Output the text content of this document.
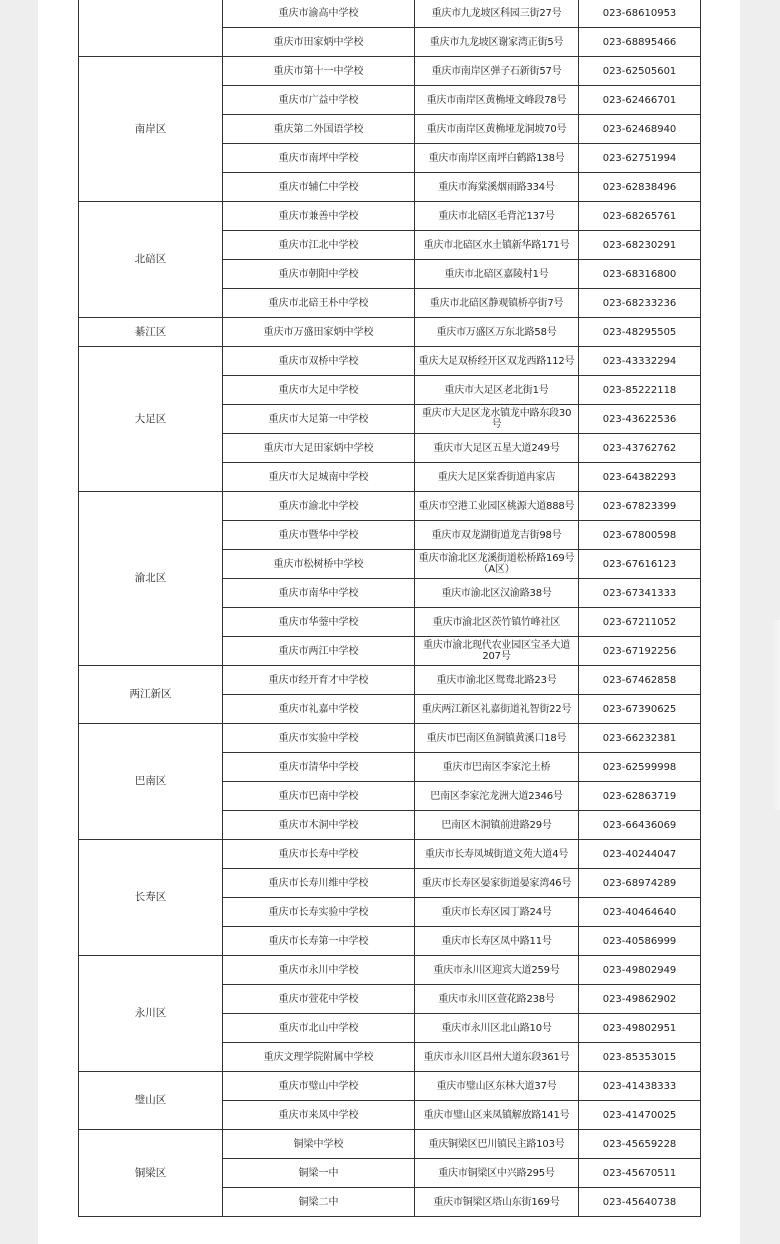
	重庆市渝高中学校	重庆市九龙坡区科园三街27号	023-68610953
	重庆市田家炳中学校	重庆市九龙坡区谢家湾正街5号	023-68895466
南岸区	重庆市第十一中学校	重庆市南岸区弹子石新街57号	023-62505601
	重庆市广益中学校	重庆市南岸区黄桷垭文峰段78号	023-62466701
	重庆第二外国语学校	重庆市南岸区黄桷垭龙洞坡70号	023-62468940
	重庆市南坪中学校	重庆市南岸区南坪白鹤路138号	023-62751994
	重庆市辅仁中学校	重庆市海棠溪烟雨路334号	023-62838496
北碚区	重庆市兼善中学校	重庆市北碚区毛背沱137号	023-68265761
	重庆市江北中学校	重庆市北碚区水土镇新华路171号	023-68230291
	重庆市朝阳中学校	重庆市北碚区嘉陵村1号	023-68316800
	重庆市北碚王朴中学校	重庆市北碚区静观镇桥亭街7号	023-68233236
綦江区	重庆市万盛田家炳中学校	重庆市万盛区万东北路58号	023-48295505
大足区	重庆市双桥中学校	重庆大足双桥经开区双龙西路112号	023-43332294
	重庆市大足中学校	重庆市大足区老北街1号	023-85222118
	重庆市大足第一中学校	重庆市大足区龙水镇龙中路东段30号	023-43622536
	重庆市大足田家炳中学校	重庆市大足区五星大道249号	023-43762762
	重庆市大足城南中学校	重庆大足区棠香街道冉家店	023-64382293
渝北区	重庆市渝北中学校	重庆市空港工业园区桃源大道888号	023-67823399
	重庆市暨华中学校	重庆市双龙湖街道龙吉街98号	023-67800598
	重庆市松树桥中学校	重庆市渝北区龙溪街道松桥路169号（A区）	023-67616123
	重庆市南华中学校	重庆市渝北区汉渝路38号	023-67341333
	重庆市华蓥中学校	重庆市渝北区茨竹镇竹峰社区	023-67211052
	重庆市两江中学校	重庆市渝北现代农业园区宝圣大道207号	023-67192256
两江新区	重庆市经开育才中学校	重庆市渝北区鸳鸯北路23号	023-67462858
	重庆市礼嘉中学校	重庆两江新区礼嘉街道礼智街22号	023-67390625
巴南区	重庆市实验中学校	重庆市巴南区鱼洞镇黄溪口18号	023-66232381
	重庆市清华中学校	重庆市巴南区李家沱土桥	023-62599998
	重庆市巴南中学校	巴南区李家沱龙洲大道2346号	023-62863719
	重庆市木洞中学校	巴南区木洞镇前进路29号	023-66436069
长寿区	重庆市长寿中学校	重庆市长寿凤城街道文苑大道4号	023-40244047
	重庆市长寿川维中学校	重庆市长寿区晏家街道晏家湾46号	023-68974289
	重庆市长寿实验中学校	重庆市长寿区园丁路24号	023-40464640
	重庆市长寿第一中学校	重庆市长寿区凤中路11号	023-40586999
永川区	重庆市永川中学校	重庆市永川区迎宾大道259号	023-49802949
	重庆市萱花中学校	重庆市永川区萱花路238号	023-49862902
	重庆市北山中学校	重庆市永川区北山路10号	023-49802951
	重庆文理学院附属中学校	重庆市永川区昌州大道东段361号	023-85353015
璧山区	重庆市璧山中学校	重庆市璧山区东林大道37号	023-41438333
	重庆市来凤中学校	重庆市璧山区来凤镇解放路141号	023-41470025
铜梁区	铜梁中学校	重庆铜梁区巴川镇民主路103号	023-45659228
	铜梁一中	重庆市铜梁区中兴路295号	023-45670511
	铜梁二中	重庆市铜梁区塔山东街169号	023-45640738
